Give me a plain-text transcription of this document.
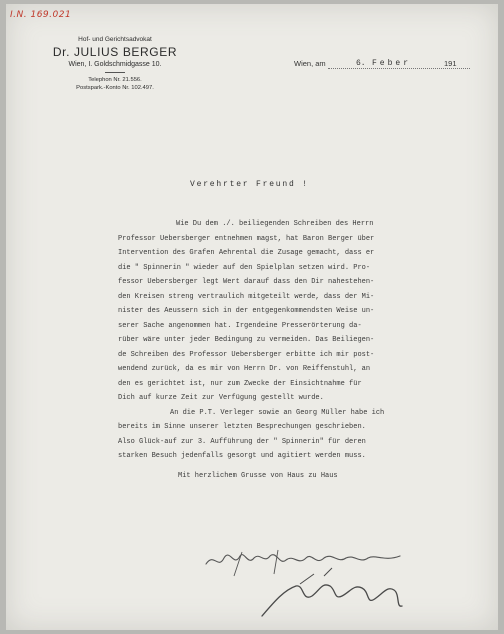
I.N. 169.021
Hof- und Gerichtsadvokat
Dr. JULIUS BERGER
Wien, I. Goldschmidgasse 10.
Telephon Nr. 21.556.
Postspark.-Konto Nr. 102.497.
Wien, am	6. Feber	191
Verehrter Freund !
Wie Du dem ./. beiliegenden Schreiben des Herrn
Professor Uebersberger entnehmen magst, hat Baron Berger über
Intervention des Grafen Aehrental die Zusage gemacht, dass er
die " Spinnerin " wieder auf den Spielplan setzen wird. Pro-
fessor Uebersberger legt Wert darauf dass den Dir nahestehen-
den Kreisen streng vertraulich mitgeteilt werde, dass der Mi-
nister des Aeussern sich in der entgegenkommendsten Weise un-
serer Sache angenommen hat. Irgendeine Presserörterung da-
rüber wäre unter jeder Bedingung zu vermeiden. Das Beiliegen-
de Schreiben des Professor Uebersberger erbitte ich mir post-
wendend zurück, da es mir von Herrn Dr. von Reiffenstuhl, an
den es gerichtet ist, nur zum Zwecke der Einsichtnahme für
Dich auf kurze Zeit zur Verfügung gestellt wurde.
An die P.T. Verleger sowie an Georg Müller habe ich
bereits im Sinne unserer letzten Besprechungen geschrieben.
Also Glück-auf zur 3. Aufführung der " Spinnerin" für deren
starken Besuch jedenfalls gesorgt und agitiert werden muss.
Mit herzlichem Grusse von Haus zu Haus
